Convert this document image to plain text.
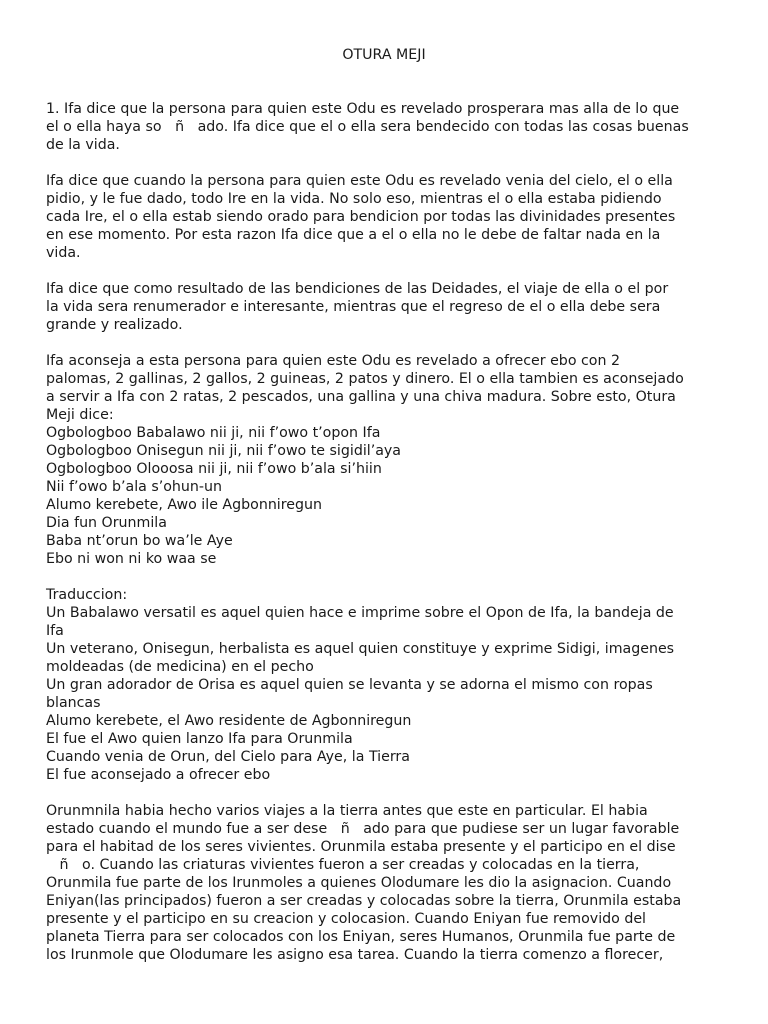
OTURA MEJI
1. Ifa dice que la persona para quien este Odu es revelado prosperara mas alla de lo que
el o ella haya so   ñ   ado. Ifa dice que el o ella sera bendecido con todas las cosas buenas
de la vida.
Ifa dice que cuando la persona para quien este Odu es revelado venia del cielo, el o ella
pidio, y le fue dado, todo Ire en la vida. No solo eso, mientras el o ella estaba pidiendo
cada Ire, el o ella estab siendo orado para bendicion por todas las divinidades presentes
en ese momento. Por esta razon Ifa dice que a el o ella no le debe de faltar nada en la
vida.
Ifa dice que como resultado de las bendiciones de las Deidades, el viaje de ella o el por
la vida sera renumerador e interesante, mientras que el regreso de el o ella debe sera
grande y realizado.
Ifa aconseja a esta persona para quien este Odu es revelado a ofrecer ebo con 2
palomas, 2 gallinas, 2 gallos, 2 guineas, 2 patos y dinero. El o ella tambien es aconsejado
a servir a Ifa con 2 ratas, 2 pescados, una gallina y una chiva madura. Sobre esto, Otura
Meji dice:
Ogbologboo Babalawo nii ji, nii f’owo t’opon Ifa
Ogbologboo Onisegun nii ji, nii f’owo te sigidil’aya
Ogbologboo Olooosa nii ji, nii f’owo b’ala si’hiin
Nii f’owo b’ala s’ohun-un
Alumo kerebete, Awo ile Agbonniregun
Dia fun Orunmila
Baba nt’orun bo wa’le Aye
Ebo ni won ni ko waa se
Traduccion:
Un Babalawo versatil es aquel quien hace e imprime sobre el Opon de Ifa, la bandeja de
Ifa
Un veterano, Onisegun, herbalista es aquel quien constituye y exprime Sidigi, imagenes
moldeadas (de medicina) en el pecho
Un gran adorador de Orisa es aquel quien se levanta y se adorna el mismo con ropas
blancas
Alumo kerebete, el Awo residente de Agbonniregun
El fue el Awo quien lanzo Ifa para Orunmila
Cuando venia de Orun, del Cielo para Aye, la Tierra
El fue aconsejado a ofrecer ebo
Orunmnila habia hecho varios viajes a la tierra antes que este en particular. El habia
estado cuando el mundo fue a ser dese   ñ   ado para que pudiese ser un lugar favorable
para el habitad de los seres vivientes. Orunmila estaba presente y el participo en el dise
ñ   o. Cuando las criaturas vivientes fueron a ser creadas y colocadas en la tierra,
Orunmila fue parte de los Irunmoles a quienes Olodumare les dio la asignacion. Cuando
Eniyan(las principados) fueron a ser creadas y colocadas sobre la tierra, Orunmila estaba
presente y el participo en su creacion y colocasion. Cuando Eniyan fue removido del
planeta Tierra para ser colocados con los Eniyan, seres Humanos, Orunmila fue parte de
los Irunmole que Olodumare les asigno esa tarea. Cuando la tierra comenzo a florecer,
